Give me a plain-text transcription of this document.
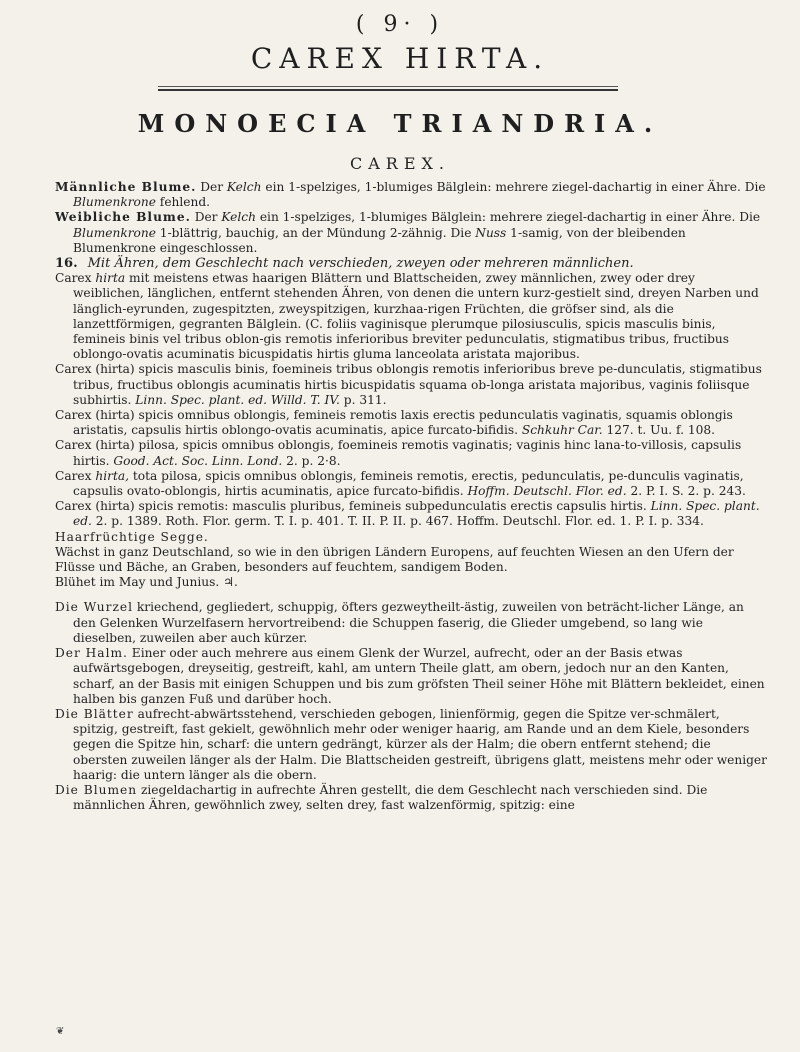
( 9· )
CAREX HIRTA.
MONOECIA TRIANDRIA.
CAREX.

Männliche Blume. Der Kelch ein 1-spelziges, 1-blumiges Bälglein: mehrere ziegel-dachartig in einer Ähre. Die Blumenkrone fehlend.

Weibliche Blume. Der Kelch ein 1-spelziges, 1-blumiges Bälglein: mehrere ziegel-dachartig in einer Ähre. Die Blumenkrone 1-blättrig, bauchig, an der Mündung 2-zähnig. Die Nuss 1-samig, von der bleibenden Blumenkrone eingeschlossen.

16. Mit Ähren, dem Geschlecht nach verschieden, zweyen oder mehreren männlichen.

Carex hirta mit meistens etwas haarigen Blättern und Blattscheiden, zwey männlichen, zwey oder drey weiblichen, länglichen, entfernt stehenden Ähren, von denen die untern kurz-gestielt sind, dreyen Narben und länglich-eyrunden, zugespitzten, zweyspitzigen, kurzhaa-rigen Früchten, die gröfser sind, als die lanzettförmigen, gegranten Bälglein. (C. foliis vaginisque plerumque pilosiusculis, spicis masculis binis, femineis binis vel tribus oblon-gis remotis inferioribus breviter pedunculatis, stigmatibus tribus, fructibus oblongo-ovatis acuminatis bicuspidatis hirtis gluma lanceolata aristata majoribus.

Carex (hirta) spicis masculis binis, foemineis tribus oblongis remotis inferioribus breve pe-dunculatis, stigmatibus tribus, fructibus oblongis acuminatis hirtis bicuspidatis squama ob-longa aristata majoribus, vaginis foliisque subhirtis. Linn. Spec. plant. ed. Willd. T. IV. p. 311.

Carex (hirta) spicis omnibus oblongis, femineis remotis laxis erectis pedunculatis vaginatis, squamis oblongis aristatis, capsulis hirtis oblongo-ovatis acuminatis, apice furcato-bifidis. Schkuhr Car. 127. t. Uu. f. 108.

Carex (hirta) pilosa, spicis omnibus oblongis, foemineis remotis vaginatis; vaginis hinc lana-to-villosis, capsulis hirtis. Good. Act. Soc. Linn. Lond. 2. p. 2·8.

Carex hirta, tota pilosa, spicis omnibus oblongis, femineis remotis, erectis, pedunculatis, pe-dunculis vaginatis, capsulis ovato-oblongis, hirtis acuminatis, apice furcato-bifidis. Hoffm. Deutschl. Flor. ed. 2. P. I. S. 2. p. 243.

Carex (hirta) spicis remotis: masculis pluribus, femineis subpedunculatis erectis capsulis hirtis. Linn. Spec. plant. ed. 2. p. 1389. Roth. Flor. germ. T. I. p. 401. T. II. P. II. p. 467. Hoffm. Deutschl. Flor. ed. 1. P. I. p. 334.

Haarfrüchtige Segge.

Wächst in ganz Deutschland, so wie in den übrigen Ländern Europens, auf feuchten Wiesen an den Ufern der Flüsse und Bäche, an Graben, besonders auf feuchtem, sandigem Boden.

Blühet im May und Junius. ♃.

Die Wurzel kriechend, gegliedert, schuppig, öfters gezweytheilt-ästig, zuweilen von beträcht-licher Länge, an den Gelenken Wurzelfasern hervortreibend: die Schuppen faserig, die Glieder umgebend, so lang wie dieselben, zuweilen aber auch kürzer.

Der Halm. Einer oder auch mehrere aus einem Glenk der Wurzel, aufrecht, oder an der Basis etwas aufwärtsgebogen, dreyseitig, gestreift, kahl, am untern Theile glatt, am obern, jedoch nur an den Kanten, scharf, an der Basis mit einigen Schuppen und bis zum gröfsten Theil seiner Höhe mit Blättern bekleidet, einen halben bis ganzen Fuß und darüber hoch.

Die Blätter aufrecht-abwärtsstehend, verschieden gebogen, linienförmig, gegen die Spitze ver-schmälert, spitzig, gestreift, fast gekielt, gewöhnlich mehr oder weniger haarig, am Rande und an dem Kiele, besonders gegen die Spitze hin, scharf: die untern gedrängt, kürzer als der Halm; die obern entfernt stehend; die obersten zuweilen länger als der Halm. Die Blattscheiden gestreift, übrigens glatt, meistens mehr oder weniger haarig: die untern länger als die obern.

Die Blumen ziegeldachartig in aufrechte Ähren gestellt, die dem Geschlecht nach verschieden sind. Die männlichen Ähren, gewöhnlich zwey, selten drey, fast walzenförmig, spitzig: eine

❦
